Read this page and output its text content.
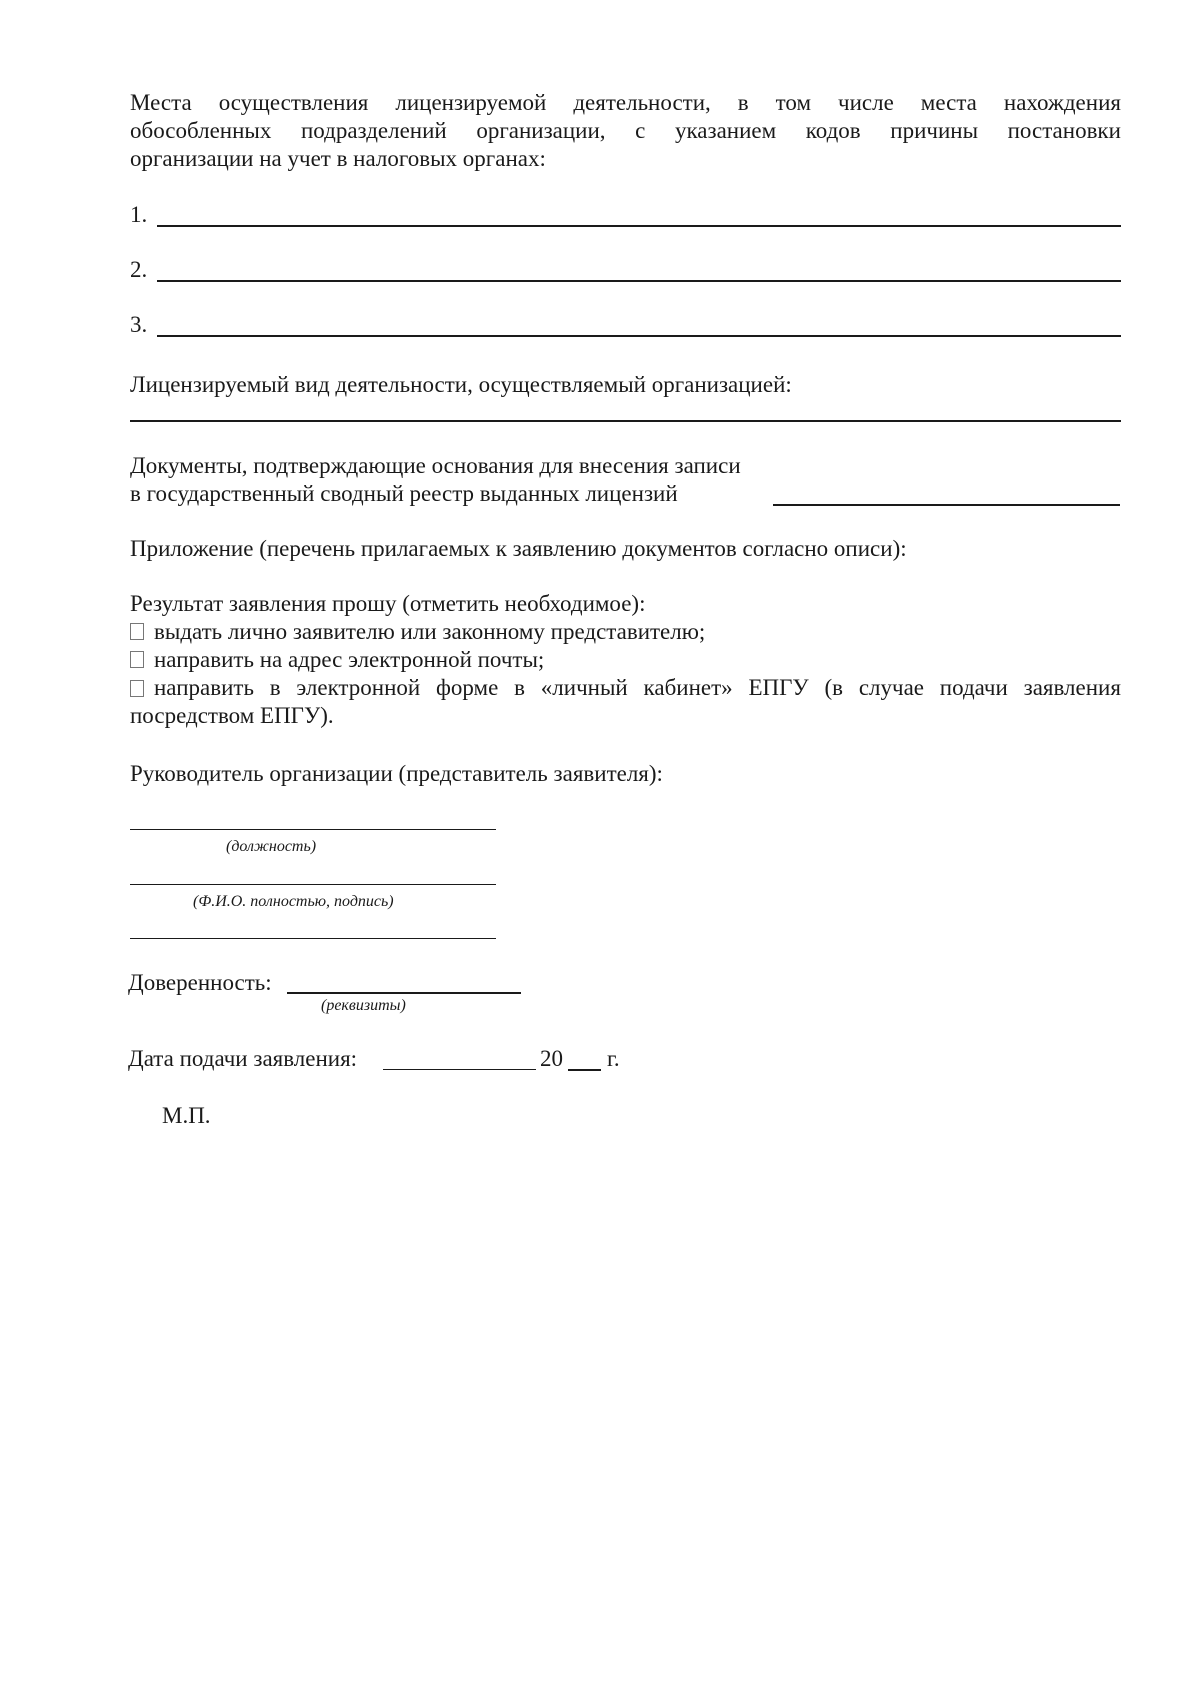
Места осуществления лицензируемой деятельности, в том числе места нахождения
обособленных подразделений организации, с указанием кодов причины постановки
организации на учет в налоговых органах:
1.
2.
3.
Лицензируемый вид деятельности, осуществляемый организацией:
Документы, подтверждающие основания для внесения записи
в государственный сводный реестр выданных лицензий
Приложение (перечень прилагаемых к заявлению документов согласно описи):
Результат заявления прошу (отметить необходимое):
выдать лично заявителю или законному представителю;
направить на адрес электронной почты;
направить в электронной форме в «личный кабинет» ЕПГУ (в случае подачи заявления
посредством ЕПГУ).
Руководитель организации (представитель заявителя):
(должность)
(Ф.И.О. полностью, подпись)
Доверенность:
(реквизиты)
Дата подачи заявления:	20 г.
М.П.
